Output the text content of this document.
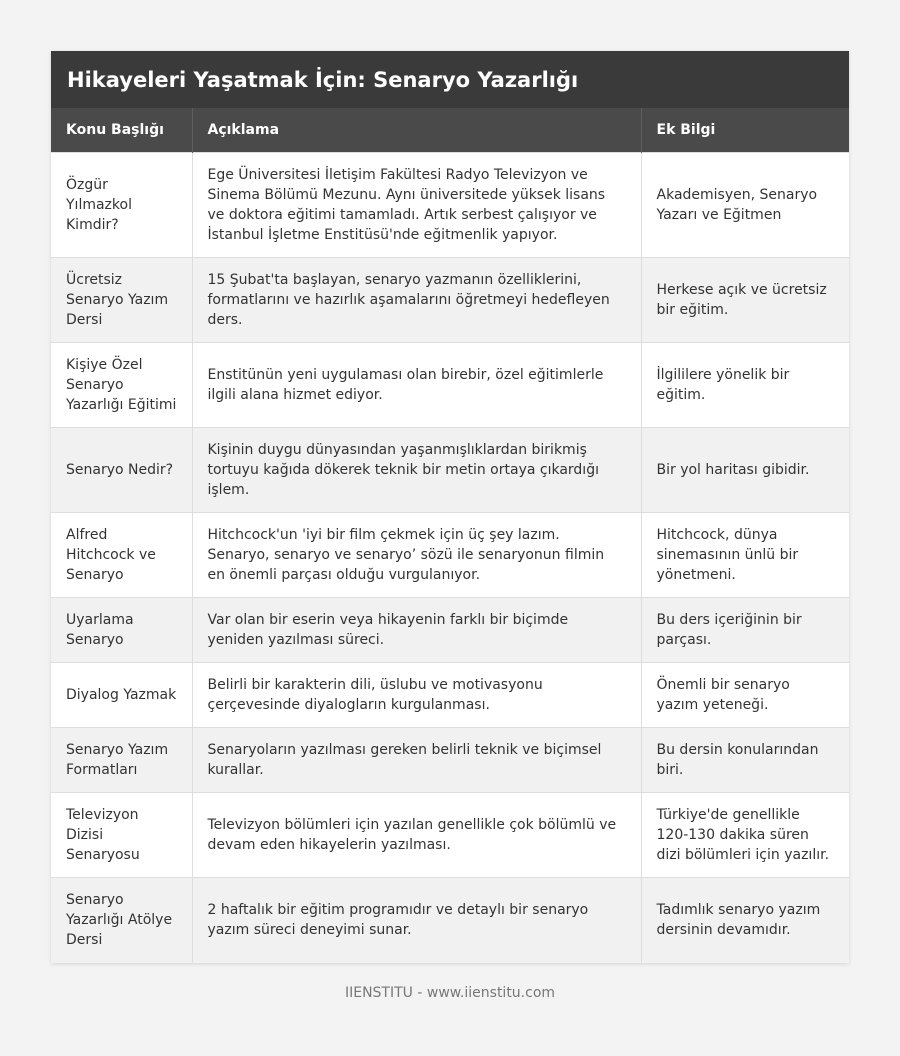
Hikayeleri Yaşatmak İçin: Senaryo Yazarlığı
Konu Başlığı	Açıklama	Ek Bilgi
Özgür Yılmazkol Kimdir?	Ege Üniversitesi İletişim Fakültesi Radyo Televizyon ve Sinema Bölümü Mezunu. Aynı üniversitede yüksek lisans ve doktora eğitimi tamamladı. Artık serbest çalışıyor ve İstanbul İşletme Enstitüsü'nde eğitmenlik yapıyor.	Akademisyen, Senaryo Yazarı ve Eğitmen
Ücretsiz Senaryo Yazım Dersi	15 Şubat'ta başlayan, senaryo yazmanın özelliklerini, formatlarını ve hazırlık aşamalarını öğretmeyi hedefleyen ders.	Herkese açık ve ücretsiz bir eğitim.
Kişiye Özel Senaryo Yazarlığı Eğitimi	Enstitünün yeni uygulaması olan birebir, özel eğitimlerle ilgili alana hizmet ediyor.	İlgililere yönelik bir eğitim.
Senaryo Nedir?	Kişinin duygu dünyasından yaşanmışlıklardan birikmiş tortuyu kağıda dökerek teknik bir metin ortaya çıkardığı işlem.	Bir yol haritası gibidir.
Alfred Hitchcock ve Senaryo	Hitchcock'un 'iyi bir film çekmek için üç şey lazım. Senaryo, senaryo ve senaryo’ sözü ile senaryonun filmin en önemli parçası olduğu vurgulanıyor.	Hitchcock, dünya sinemasının ünlü bir yönetmeni.
Uyarlama Senaryo	Var olan bir eserin veya hikayenin farklı bir biçimde yeniden yazılması süreci.	Bu ders içeriğinin bir parçası.
Diyalog Yazmak	Belirli bir karakterin dili, üslubu ve motivasyonu çerçevesinde diyalogların kurgulanması.	Önemli bir senaryo yazım yeteneği.
Senaryo Yazım Formatları	Senaryoların yazılması gereken belirli teknik ve biçimsel kurallar.	Bu dersin konularından biri.
Televizyon Dizisi Senaryosu	Televizyon bölümleri için yazılan genellikle çok bölümlü ve devam eden hikayelerin yazılması.	Türkiye'de genellikle 120-130 dakika süren dizi bölümleri için yazılır.
Senaryo Yazarlığı Atölye Dersi	2 haftalık bir eğitim programıdır ve detaylı bir senaryo yazım süreci deneyimi sunar.	Tadımlık senaryo yazım dersinin devamıdır.
IIENSTITU - www.iienstitu.com
